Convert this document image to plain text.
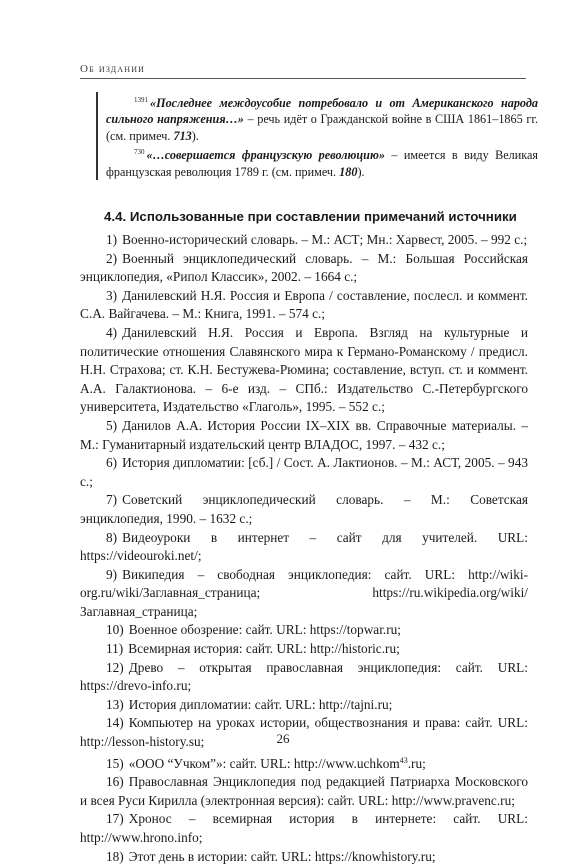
Об издании

$^{1391}$ «Последнее междоусобие потребовало и от Американского народа сильного напряжения…» – речь идёт о Гражданской войне в США 1861–1865 гг. (см. примеч. 713).

$^{730}$ «…совершается французскую революцию» – имеется в виду Великая французская революция 1789 г. (см. примеч. 180).

4.4. Использованные при составлении примечаний источники
1) Военно-исторический словарь. – М.: АСТ; Мн.: Харвест, 2005. – 992 с.;
2) Военный энциклопедический словарь. – М.: Большая Российская энциклопедия, «Рипол Классик», 2002. – 1664 с.;
3) Данилевский Н.Я. Россия и Европа / составление, послесл. и коммент. С.А. Вайгачева. – М.: Книга, 1991. – 574 с.;
4) Данилевский Н.Я. Россия и Европа. Взгляд на культурные и политические отношения Славянского мира к Германо-Романскому / предисл. Н.Н. Страхова; ст. К.Н. Бестужева-Рюмина; составление, вступ. ст. и коммент. А.А. Галактионова. – 6-е изд. – СПб.: Издательство С.-Петербургского университета, Издательство «Глаголь», 1995. – 552 с.;
5) Данилов А.А. История России IX–XIX вв. Справочные материалы. – М.: Гуманитарный издательский центр ВЛАДОС, 1997. – 432 с.;
6) История дипломатии: [сб.] / Сост. А. Лактионов. – М.: АСТ, 2005. – 943 с.;
7) Советский энциклопедический словарь. – М.: Советская энциклопедия, 1990. – 1632 с.;
8) Видеоуроки в интернет – сайт для учителей. URL: https://videouroki.net/;
9) Википедия – свободная энциклопедия: сайт. URL: http://wiki-org.ru/wiki/Заглавная_страница; https://ru.wikipedia.org/wiki/Заглавная_страница;
10) Военное обозрение: сайт. URL: https://topwar.ru;
11) Всемирная история: сайт. URL: http://historic.ru;
12) Древо – открытая православная энциклопедия: сайт. URL: https://drevo-info.ru;
13) История дипломатии: сайт. URL: http://tajni.ru;
14) Компьютер на уроках истории, обществознания и права: сайт. URL: http://lesson-history.su;
15) «ООО “Учком”»: сайт. URL: http://www.uchkom$^{43}$.ru;
16) Православная Энциклопедия под редакцией Патриарха Московского и всея Руси Кирилла (электронная версия): сайт. URL: http://www.pravenc.ru;
17) Хронос – всемирная история в интернете: сайт. URL: http://www.hrono.info;
18) Этот день в истории: сайт. URL: https://knowhistory.ru;
26
